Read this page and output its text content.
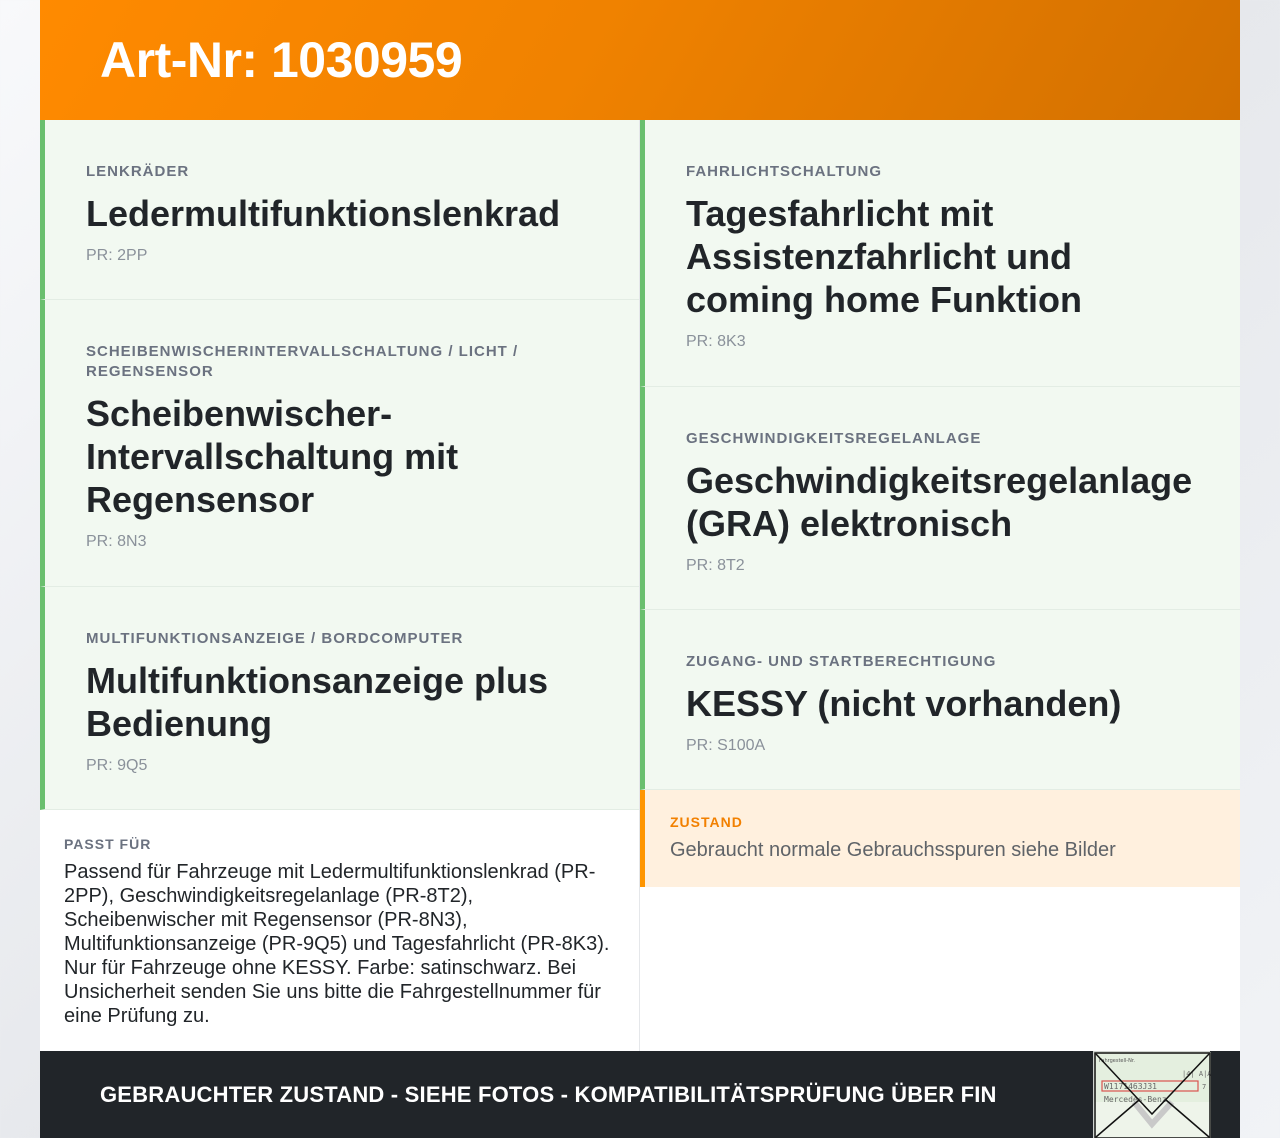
Art-Nr: 1030959
LENKRÄDER
Ledermultifunktionslenkrad
PR: 2PP
SCHEIBENWISCHERINTERVALLSCHALTUNG / LICHT / REGENSENSOR
Scheibenwischer-Intervallschaltung mit Regensensor
PR: 8N3
MULTIFUNKTIONSANZEIGE / BORDCOMPUTER
Multifunktionsanzeige plus Bedienung
PR: 9Q5
PASST FÜR
Passend für Fahrzeuge mit Ledermultifunktionslenkrad (PR-2PP), Geschwindigkeitsregelanlage (PR-8T2), Scheibenwischer mit Regensensor (PR-8N3), Multifunktionsanzeige (PR-9Q5) und Tagesfahrlicht (PR-8K3). Nur für Fahrzeuge ohne KESSY. Farbe: satinschwarz. Bei Unsicherheit senden Sie uns bitte die Fahrgestellnummer für eine Prüfung zu.
FAHRLICHTSCHALTUNG
Tagesfahrlicht mit Assistenzfahrlicht und coming home Funktion
PR: 8K3
GESCHWINDIGKEITSREGELANLAGE
Geschwindigkeitsregelanlage (GRA) elektronisch
PR: 8T2
ZUGANG- UND STARTBERECHTIGUNG
KESSY (nicht vorhanden)
PR: S100A
ZUSTAND
Gebraucht normale Gebrauchsspuren siehe Bilder
GEBRAUCHTER ZUSTAND - SIEHE FOTOS - KOMPATIBILITÄTSPRÜFUNG ÜBER FIN
Fahrgestell-Nr.
|4| A|A
W1171463J31	7
Mercedes-Benz
